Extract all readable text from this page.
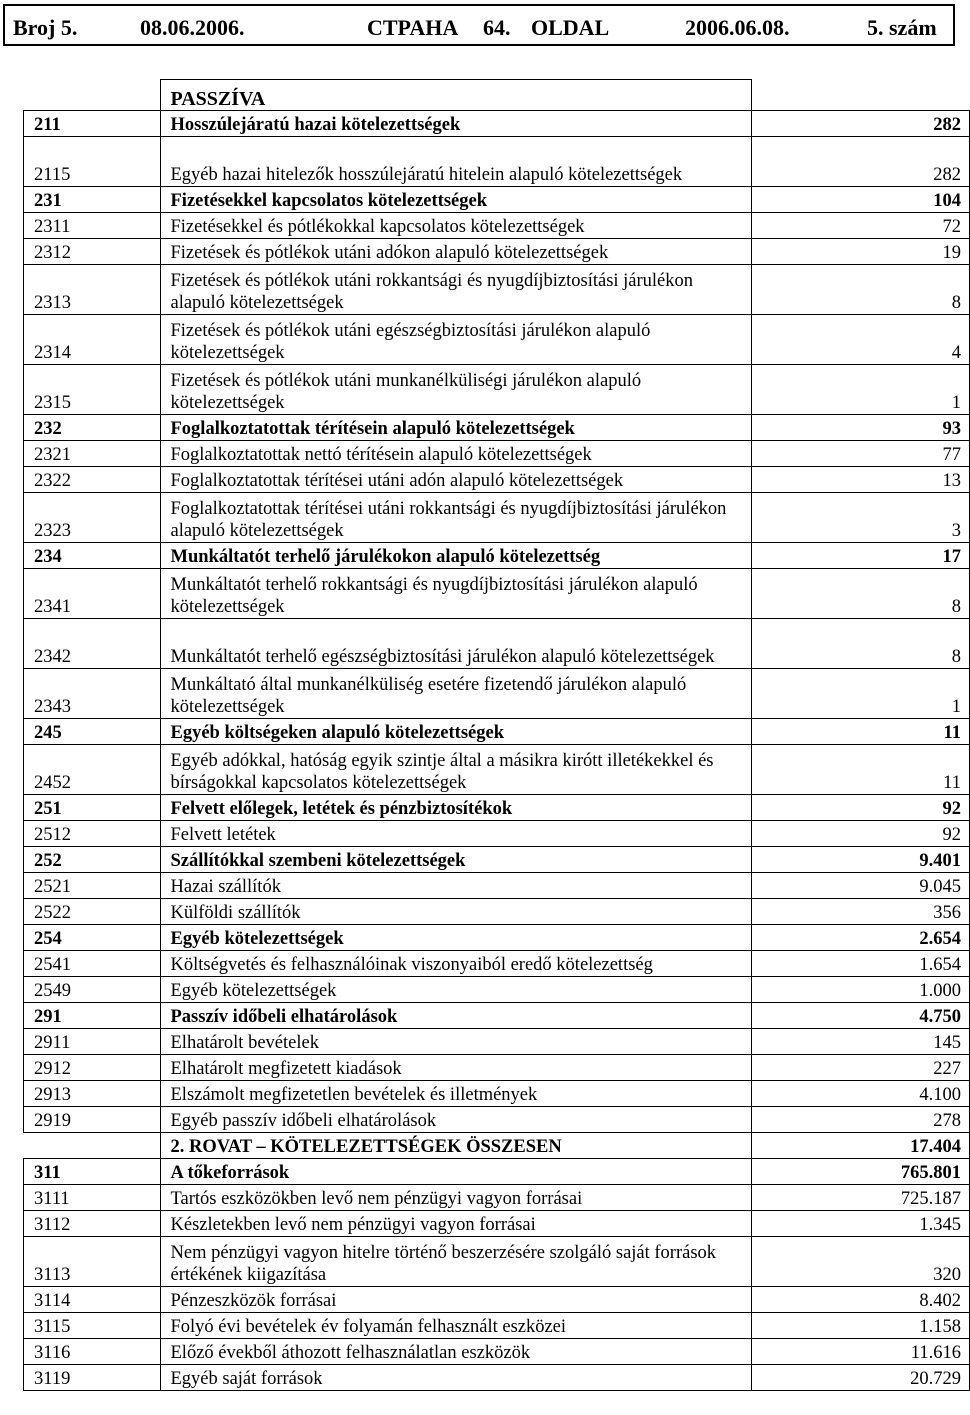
Broj 5.	08.06.2006.	CTPAHA 64. OLDAL	2006.06.08.	5. szám
	PASSZÍVA	
211	Hosszúlejáratú hazai kötelezettségek	282
2115	Egyéb hazai hitelezők hosszúlejáratú hitelein alapuló kötelezettségek	282
231	Fizetésekkel kapcsolatos kötelezettségek	104
2311	Fizetésekkel és pótlékokkal kapcsolatos kötelezettségek	72
2312	Fizetések és pótlékok utáni adókon alapuló kötelezettségek	19
2313	Fizetések és pótlékok utáni rokkantsági és nyugdíjbiztosítási járulékon alapuló kötelezettségek	8
2314	Fizetések és pótlékok utáni egészségbiztosítási járulékon alapuló kötelezettségek	4
2315	Fizetések és pótlékok utáni munkanélküliségi járulékon alapuló kötelezettségek	1
232	Foglalkoztatottak térítésein alapuló kötelezettségek	93
2321	Foglalkoztatottak nettó térítésein alapuló kötelezettségek	77
2322	Foglalkoztatottak térítései utáni adón alapuló kötelezettségek	13
2323	Foglalkoztatottak térítései utáni rokkantsági és nyugdíjbiztosítási járulékon alapuló kötelezettségek	3
234	Munkáltatót terhelő járulékokon alapuló kötelezettség	17
2341	Munkáltatót terhelő rokkantsági és nyugdíjbiztosítási járulékon alapuló kötelezettségek	8
2342	Munkáltatót terhelő egészségbiztosítási járulékon alapuló kötelezettségek	8
2343	Munkáltató által munkanélküliség esetére fizetendő járulékon alapuló kötelezettségek	1
245	Egyéb költségeken alapuló kötelezettségek	11
2452	Egyéb adókkal, hatóság egyik szintje által a másikra kirótt illetékekkel és bírságokkal kapcsolatos kötelezettségek	11
251	Felvett előlegek, letétek és pénzbiztosítékok	92
2512	Felvett letétek	92
252	Szállítókkal szembeni kötelezettségek	9.401
2521	Hazai szállítók	9.045
2522	Külföldi szállítók	356
254	Egyéb kötelezettségek	2.654
2541	Költségvetés és felhasználóinak viszonyaiból eredő kötelezettség	1.654
2549	Egyéb kötelezettségek	1.000
291	Passzív időbeli elhatárolások	4.750
2911	Elhatárolt bevételek	145
2912	Elhatárolt megfizetett kiadások	227
2913	Elszámolt megfizetetlen bevételek és illetmények	4.100
2919	Egyéb passzív időbeli elhatárolások	278
	2. ROVAT – KÖTELEZETTSÉGEK ÖSSZESEN	17.404
311	A tőkeforrások	765.801
3111	Tartós eszközökben levő nem pénzügyi vagyon forrásai	725.187
3112	Készletekben levő nem pénzügyi vagyon forrásai	1.345
3113	Nem pénzügyi vagyon hitelre történő beszerzésére szolgáló saját források értékének kiigazítása	320
3114	Pénzeszközök forrásai	8.402
3115	Folyó évi bevételek év folyamán felhasznált eszközei	1.158
3116	Előző évekből áthozott felhasználatlan eszközök	11.616
3119	Egyéb saját források	20.729
